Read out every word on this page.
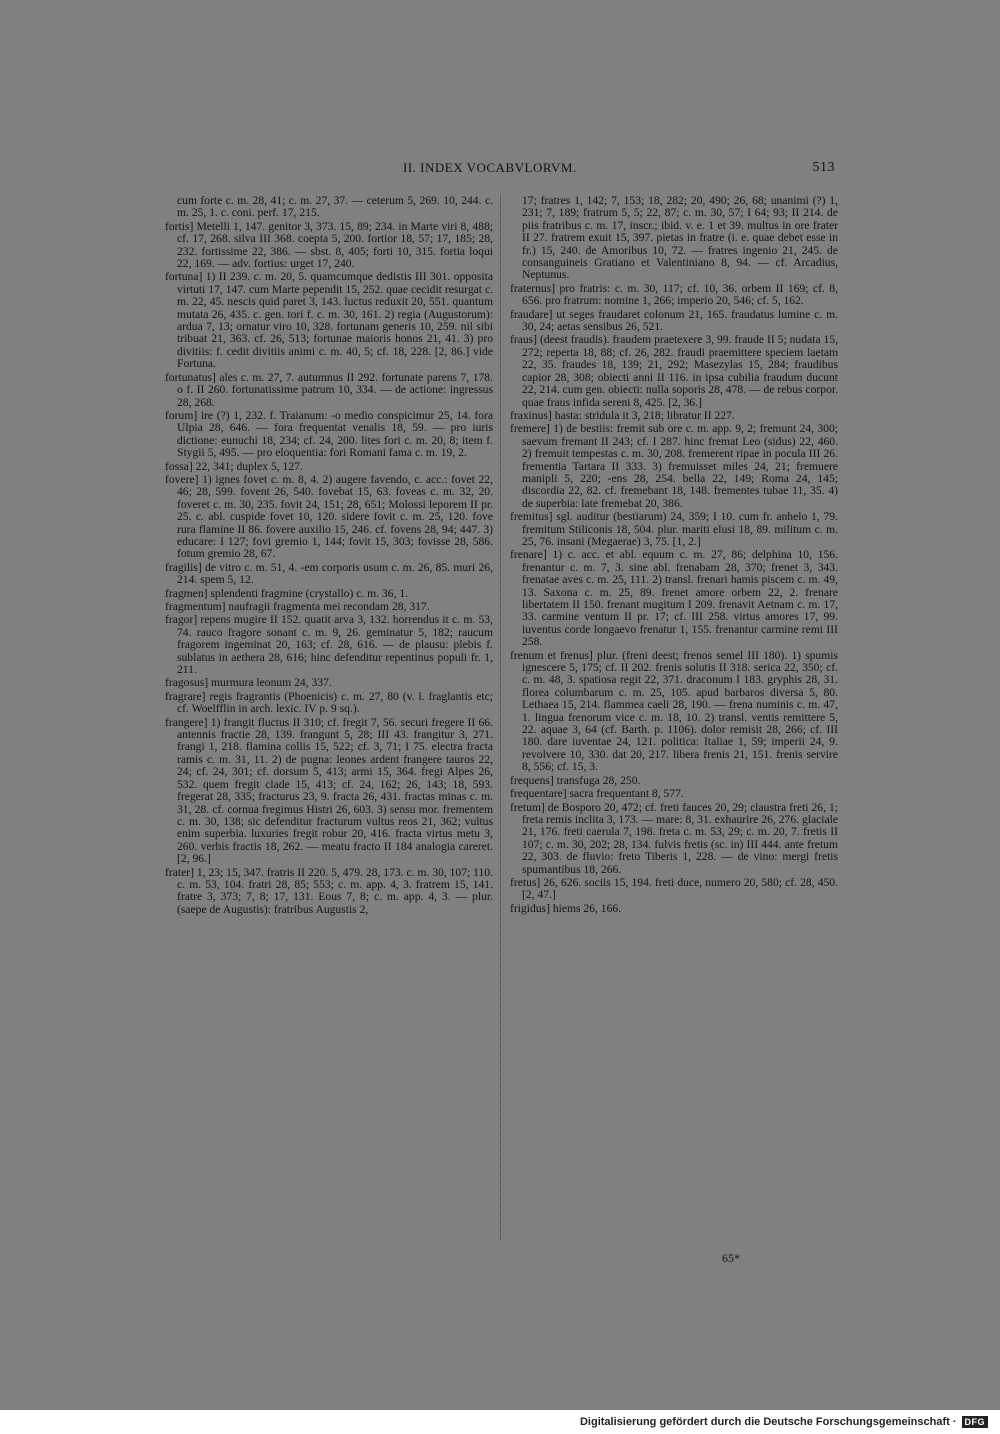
II. INDEX VOCABVLORVM.	513
cum forte c. m. 28, 41; c. m. 27, 37. — ceterum 5, 269. 10, 244. c. m. 25, 1. c. coni. perf. 17, 215.
fortis] Metelli 1, 147. genitor 3, 373. 15, 89; 234. in Marte viri 8, 488; cf. 17, 268. silva III 368. coepta 5, 200. fortior 18, 57; 17, 185; 28, 232. fortissime 22, 386. — sbst. 8, 405; forti 10, 315. fortia loqui 22, 169. — adv. fortius: urget 17, 240.
fortuna] 1) II 239. c. m. 20, 5. quamcumque dedistis III 301. opposita virtuti 17, 147. cum Marte pependit 15, 252. quae cecidit resurgat c. m. 22, 45. nescis quid paret 3, 143. luctus reduxit 20, 551. quantum mutata 26, 435. c. gen. tori f. c. m. 30, 161. 2) regia (Augustorum): ardua 7, 13; ornatur viro 10, 328. fortunam generis 10, 259. nil sibi tribuat 21, 363. cf. 26, 513; fortunae maioris honos 21, 41. 3) pro divitiis: f. cedit divitiis animi c. m. 40, 5; cf. 18, 228. [2, 86.] vide Fortuna.
fortunatus] ales c. m. 27, 7. autumnus II 292. fortunate parens 7, 178. o f. II 260. fortunatissime patrum 10, 334. — de actione: ingressus 28, 268.
forum] ire (?) 1, 232. f. Traianum: -o medio conspicimur 25, 14. fora Ulpia 28, 646. — fora frequentat venalis 18, 59. — pro iuris dictione: eunuchi 18, 234; cf. 24, 200. lites fori c. m. 20, 8; item f. Stygii 5, 495. — pro eloquentia: fori Romani fama c. m. 19, 2.
fossa] 22, 341; duplex 5, 127.
fovere] 1) ignes fovet c. m. 8, 4. 2) augere favendo, c. acc.: fovet 22, 46; 28, 599. fovent 26, 540. fovebat 15, 63. foveas c. m. 32, 20. foveret c. m. 30, 235. fovit 24, 151; 28, 651; Molossi leporem II pr. 25. c. abl. cuspide fovet 10, 120. sidere fovit c. m. 25, 120. fove rura flamine II 86. fovere auxilio 15, 246. cf. fovens 28, 94; 447. 3) educare: I 127; fovi gremio 1, 144; fovit 15, 303; fovisse 28, 586. fotum gremio 28, 67.
fragilis] de vitro c. m. 51, 4. -em corporis usum c. m. 26, 85. muri 26, 214. spem 5, 12.
fragmen] splendenti fragmine (crystallo) c. m. 36, 1.
fragmentum] naufragii fragmenta mei recondam 28, 317.
fragor] repens mugire II 152. quatit arva 3, 132. horrendus it c. m. 53, 74. rauco fragore sonant c. m. 9, 26. geminatur 5, 182; raucum fragorem ingeminat 20, 163; cf. 28, 616. — de plausu: plebis f. sublatus in aethera 28, 616; hinc defenditur repentinus populi fr. 1, 211.
fragosus] murmura leonum 24, 337.
fragrare] regis fragrantis (Phoenicis) c. m. 27, 80 (v. l. fraglantis etc; cf. Woelfflin in arch. lexic. IV p. 9 sq.).
frangere] 1) frangit fluctus II 310; cf. fregit 7, 56. securi fregere II 66. antennis fractie 28, 139. frangunt 5, 28; III 43. frangitur 3, 271. frangi 1, 218. flamina collis 15, 522; cf. 3, 71; I 75. electra fracta ramis c. m. 31, 11. 2) de pugna: leones ardent frangere tauros 22, 24; cf. 24, 301; cf. dorsum 5, 413; armi 15, 364. fregi Alpes 26, 532. quem fregit clade 15, 413; cf. 24, 162; 26, 143; 18, 593. fregerat 28, 335; fracturus 23, 9. fracta 26, 431. fractas minas c. m. 31, 28. cf. cornua fregimus Histri 26, 603. 3) sensu mor. frementem c. m. 30, 138; sic defenditur fracturum vultus reos 21, 362; vultus enim superbia. luxuries fregit robur 20, 416. fracta virtus metu 3, 260. verbis fractis 18, 262. — meatu fracto II 184 analogia careret. [2, 96.]
frater] 1, 23; 15, 347. fratris II 220. 5, 479. 28, 173. c. m. 30, 107; 110. c. m. 53, 104. fratri 28, 85; 553; c. m. app. 4, 3. fratrem 15, 141. fratre 3, 373; 7, 8; 17, 131. Eous 7, 8; c. m. app. 4, 3. — plur. (saepe de Augustis): fratribus Augustis 2,
17; fratres 1, 142; 7, 153; 18, 282; 20, 490; 26, 68; unanimi (?) 1, 231; 7, 189; fratrum 5, 5; 22, 87; c. m. 30, 57; I 64; 93; II 214. de piis fratribus c. m. 17, inscr.; ibid. v. e. 1 et 39. multus in ore frater II 27. fratrem exuit 15, 397. pietas in fratre (i. e. quae debet esse in fr.) 15, 240. de Amoribus 10, 72. — fratres ingenio 21, 245. de consanguineis Gratiano et Valentiniano 8, 94. — cf. Arcadius, Neptunus.
fraternus] pro fratris: c. m. 30, 117; cf. 10, 36. orbem II 169; cf. 8, 656. pro fratrum: nomine 1, 266; imperio 20, 546; cf. 5, 162.
fraudare] ut seges fraudaret colonum 21, 165. fraudatus lumine c. m. 30, 24; aetas sensibus 26, 521.
fraus] (deest fraudis). fraudem praetexere 3, 99. fraude II 5; nudata 15, 272; reperta 18, 88; cf. 26, 282. fraudi praemittere speciem laetam 22, 35. fraudes 18, 139; 21, 292; Masezylas 15, 284; fraudibus capior 28, 308; obiecti anni II 116. in ipsa cubilia fraudum ducunt 22, 214. cum gen. obiecti: nulla soporis 28, 478. — de rebus corpor. quae fraus infida sereni 8, 425. [2, 36.]
fraxinus] hasta: stridula it 3, 218; libratur II 227.
fremere] 1) de bestiis: fremit sub ore c. m. app. 9, 2; fremunt 24, 300; saevum fremant II 243; cf. I 287. hinc fremat Leo (sidus) 22, 460. 2) fremuit tempestas c. m. 30, 208. fremerent ripae in pocula III 26. frementia Tartara II 333. 3) fremuisset miles 24, 21; fremuere manipli 5, 220; -ens 28, 254. bella 22, 149; Roma 24, 145; discordia 22, 82. cf. fremebant 18, 148. frementes tubae 11, 35. 4) de superbia: late fremebat 20, 386.
fremitus] sgl. auditur (bestiarum) 24, 359; I 10. cum fr. anhelo 1, 79. fremitum Stiliconis 18, 504. plur. mariti elusi 18, 89. militum c. m. 25, 76. insani (Megaerae) 3, 75. [1, 2.]
frenare] 1) c. acc. et abl. equum c. m. 27, 86; delphina 10, 156. frenantur c. m. 7, 3. sine abl. frenabam 28, 370; frenet 3, 343. frenatae aves c. m. 25, 111. 2) transl. frenari hamis piscem c. m. 49, 13. Saxona c. m. 25, 89. frenet amore orbem 22, 2. frenare libertatem II 150. frenant mugitum I 209. frenavit Aetnam c. m. 17, 33. carmine ventum II pr. 17; cf. III 258. virtus amores 17, 99. iuventus corde longaevo frenatur 1, 155. frenantur carmine remi III 258.
frenum et frenus] plur. (freni deest; frenos semel III 180). 1) spumis ignescere 5, 175; cf. II 202. frenis solutis II 318. serica 22, 350; cf. c. m. 48, 3. spatiosa regit 22, 371. draconum I 183. gryphis 28, 31. florea columbarum c. m. 25, 105. apud barbaros diversa 5, 80. Lethaea 15, 214. flammea caeli 28, 190. — frena numinis c. m. 47, 1. lingua frenorum vice c. m. 18, 10. 2) transl. ventis remittere 5, 22. aquae 3, 64 (cf. Barth. p. 1106). dolor remisit 28, 266; cf. III 180. dare iuventae 24, 121. politica: Italiae 1, 59; imperii 24, 9. revolvere 10, 330. dat 20, 217. libera frenis 21, 151. frenis servire 8, 556; cf. 15, 3.
frequens] transfuga 28, 250.
frequentare] sacra frequentant 8, 577.
fretum] de Bosporo 20, 472; cf. freti fauces 20, 29; claustra freti 26, 1; freta remis inclita 3, 173. — mare: 8, 31. exhaurire 26, 276. glaciale 21, 176. freti caerula 7, 198. freta c. m. 53, 29; c. m. 20, 7. fretis II 107; c. m. 30, 202; 28, 134. fulvis fretis (sc. in) III 444. ante fretum 22, 303. de fluvio: freto Tiberis 1, 228. — de vino: mergi fretis spumantibus 18, 266.
fretus] 26, 626. sociis 15, 194. freti duce, numero 20, 580; cf. 28, 450. [2, 47.]
frigidus] hiems 26, 166.
65*
Digitalisierung gefördert durch die Deutsche Forschungsgemeinschaft · DFG
